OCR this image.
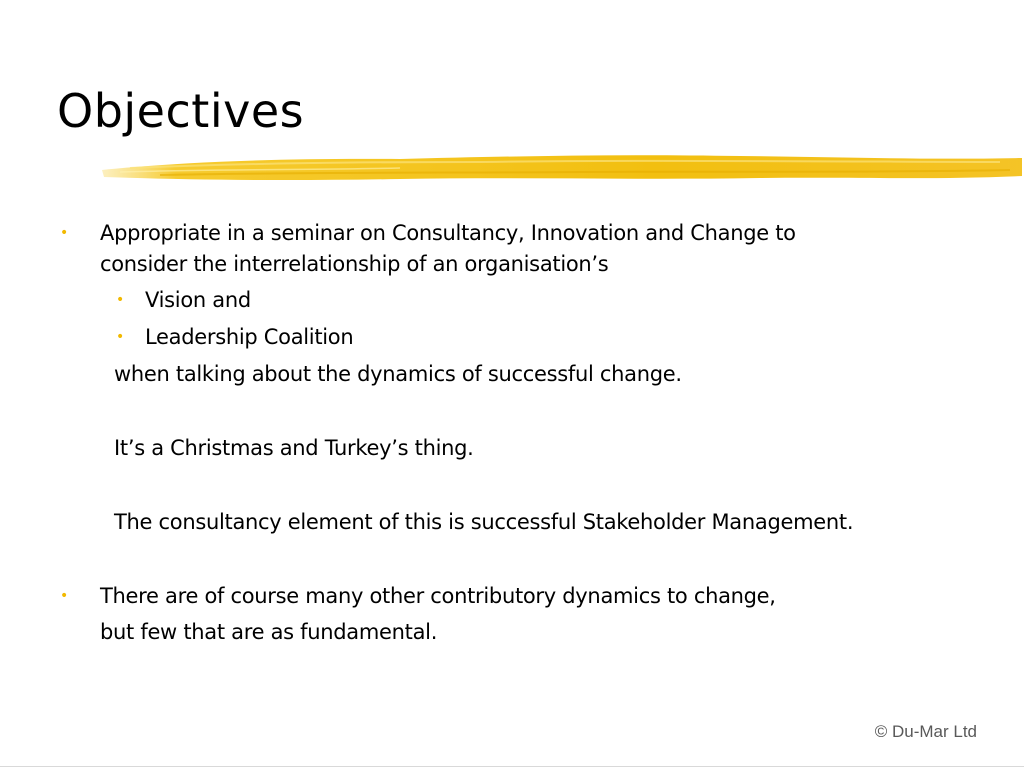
Objectives
• Appropriate in a seminar on Consultancy, Innovation and Change to
consider the interrelationship of an organisation’s
• Vision and
• Leadership Coalition
when talking about the dynamics of successful change.
It’s a Christmas and Turkey’s thing.
The consultancy element of this is successful Stakeholder Management.
• There are of course many other contributory dynamics to change,
but few that are as fundamental.
© Du-Mar Ltd
